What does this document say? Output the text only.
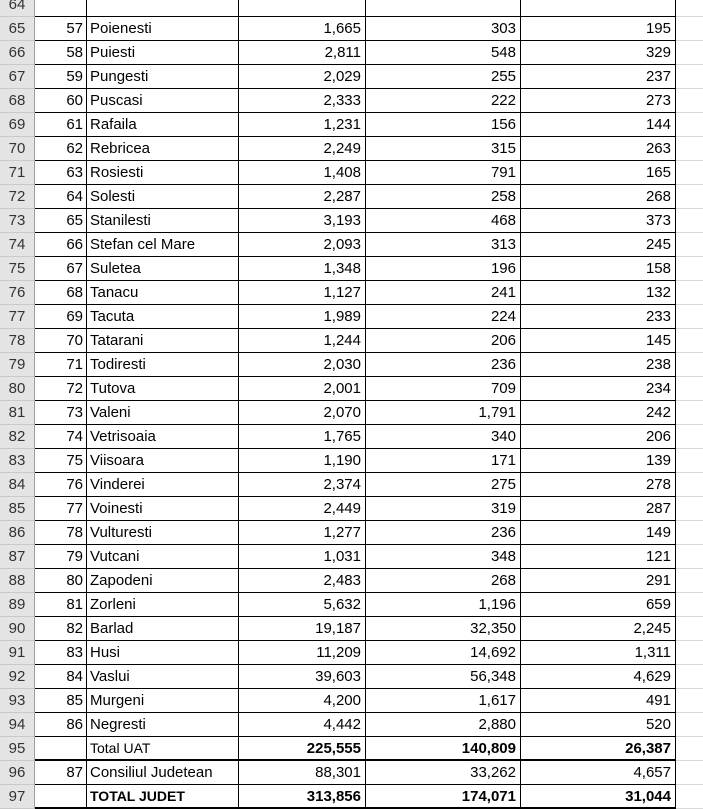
64
65	57 Poienesti	1,665	303	195
66	58 Puiesti	2,811	548	329
67	59 Pungesti	2,029	255	237
68	60 Puscasi	2,333	222	273
69	61 Rafaila	1,231	156	144
70	62 Rebricea	2,249	315	263
71	63 Rosiesti	1,408	791	165
72	64 Solesti	2,287	258	268
73	65 Stanilesti	3,193	468	373
74	66 Stefan cel Mare	2,093	313	245
75	67 Suletea	1,348	196	158
76	68 Tanacu	1,127	241	132
77	69 Tacuta	1,989	224	233
78	70 Tatarani	1,244	206	145
79	71 Todiresti	2,030	236	238
80	72 Tutova	2,001	709	234
81	73 Valeni	2,070	1,791	242
82	74 Vetrisoaia	1,765	340	206
83	75 Viisoara	1,190	171	139
84	76 Vinderei	2,374	275	278
85	77 Voinesti	2,449	319	287
86	78 Vulturesti	1,277	236	149
87	79 Vutcani	1,031	348	121
88	80 Zapodeni	2,483	268	291
89	81 Zorleni	5,632	1,196	659
90	82 Barlad	19,187	32,350	2,245
91	83 Husi	11,209	14,692	1,311
92	84 Vaslui	39,603	56,348	4,629
93	85 Murgeni	4,200	1,617	491
94	86 Negresti	4,442	2,880	520
95	Total UAT	225,555	140,809	26,387
96	87 Consiliul Judetean	88,301	33,262	4,657
97	TOTAL JUDET	313,856	174,071	31,044
